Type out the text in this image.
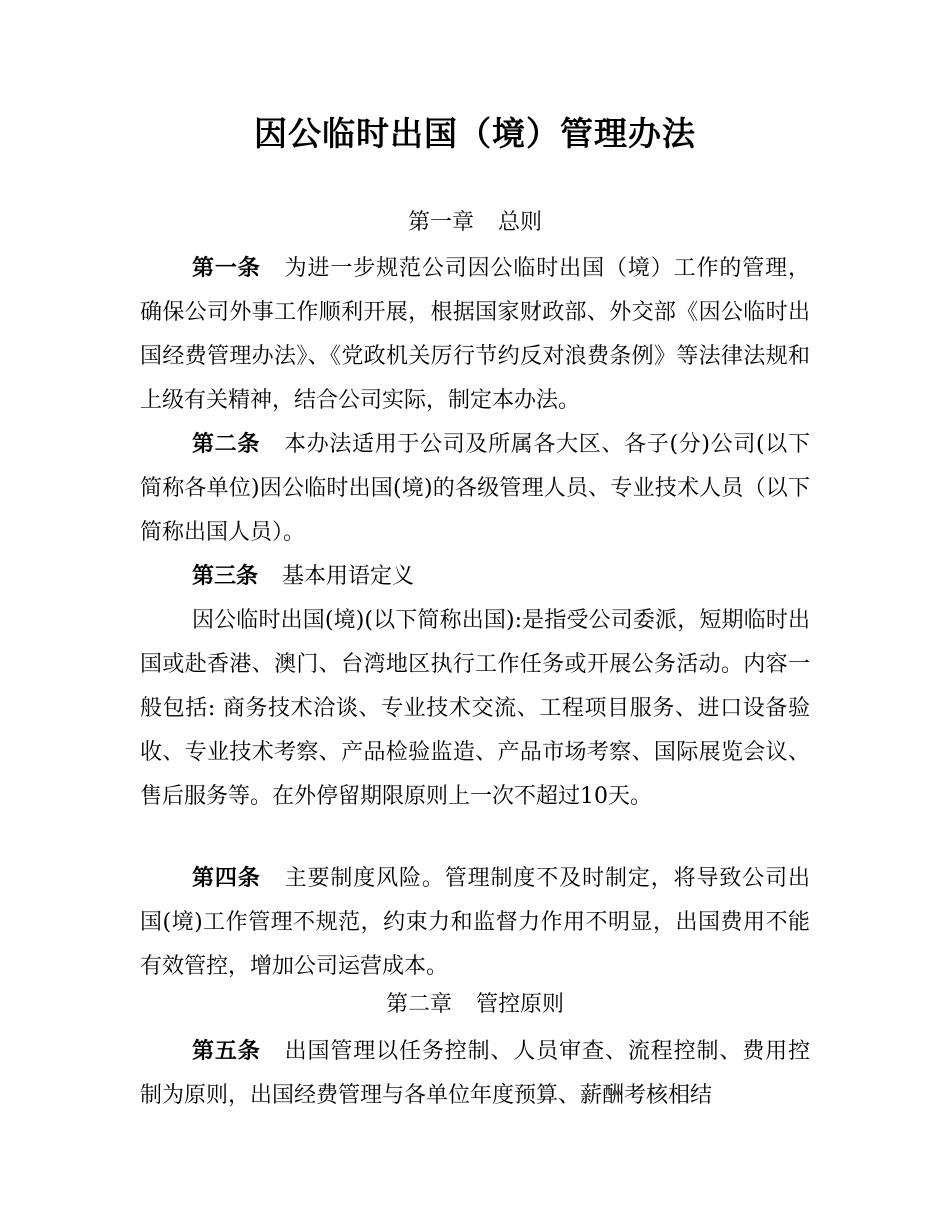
因公临时出国（境）管理办法
第一章 总则
第一条 为进一步规范公司因公临时出国（境）工作的管理，确保公司外事工作顺利开展，根据国家财政部、外交部《因公临时出国经费管理办法》、《党政机关厉行节约反对浪费条例》等法律法规和上级有关精神，结合公司实际，制定本办法。
第二条 本办法适用于公司及所属各大区、各子(分)公司(以下简称各单位)因公临时出国(境)的各级管理人员、专业技术人员（以下简称出国人员）。
第三条 基本用语定义
因公临时出国(境)(以下简称出国):是指受公司委派，短期临时出国或赴香港、澳门、台湾地区执行工作任务或开展公务活动。内容一般包括: 商务技术洽谈、专业技术交流、工程项目服务、进口设备验收、专业技术考察、产品检验监造、产品市场考察、国际展览会议、售后服务等。在外停留期限原则上一次不超过10天。
第四条 主要制度风险。管理制度不及时制定，将导致公司出国(境)工作管理不规范，约束力和监督力作用不明显，出国费用不能有效管控，增加公司运营成本。
第二章 管控原则
第五条 出国管理以任务控制、人员审查、流程控制、费用控制为原则，出国经费管理与各单位年度预算、薪酬考核相结
